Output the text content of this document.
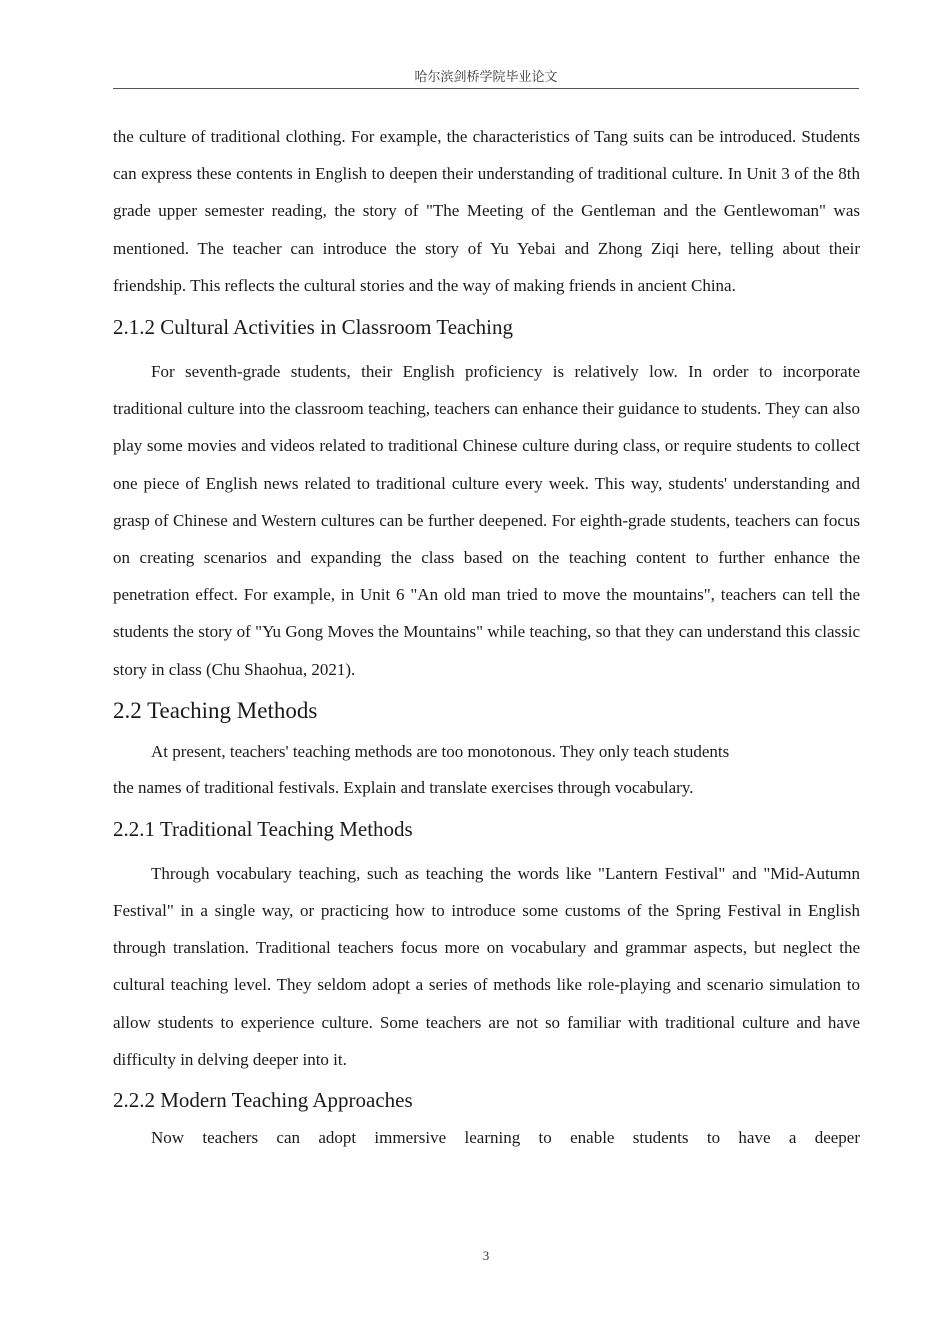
哈尔滨剑桥学院毕业论文

the culture of traditional clothing. For example, the characteristics of Tang suits can be introduced. Students can express these contents in English to deepen their understanding of traditional culture. In Unit 3 of the 8th grade upper semester reading, the story of "The Meeting of the Gentleman and the Gentlewoman" was mentioned. The teacher can introduce the story of Yu Yebai and Zhong Ziqi here, telling about their friendship. This reflects the cultural stories and the way of making friends in ancient China.

2.1.2 Cultural Activities in Classroom Teaching

For seventh-grade students, their English proficiency is relatively low. In order to incorporate traditional culture into the classroom teaching, teachers can enhance their guidance to students. They can also play some movies and videos related to traditional Chinese culture during class, or require students to collect one piece of English news related to traditional culture every week. This way, students' understanding and grasp of Chinese and Western cultures can be further deepened. For eighth-grade students, teachers can focus on creating scenarios and expanding the class based on the teaching content to further enhance the penetration effect. For example, in Unit 6 "An old man tried to move the mountains", teachers can tell the students the story of "Yu Gong Moves the Mountains" while teaching, so that they can understand this classic story in class (Chu Shaohua, 2021).

2.2 Teaching Methods

At present, teachers' teaching methods are too monotonous. They only teach students

the names of traditional festivals. Explain and translate exercises through vocabulary.

2.2.1 Traditional Teaching Methods

Through vocabulary teaching, such as teaching the words like "Lantern Festival" and "Mid-Autumn Festival" in a single way, or practicing how to introduce some customs of the Spring Festival in English through translation. Traditional teachers focus more on vocabulary and grammar aspects, but neglect the cultural teaching level. They seldom adopt a series of methods like role-playing and scenario simulation to allow students to experience culture. Some teachers are not so familiar with traditional culture and have difficulty in delving deeper into it.

2.2.2 Modern Teaching Approaches

Now teachers can adopt immersive learning to enable students to have a deeper

3
